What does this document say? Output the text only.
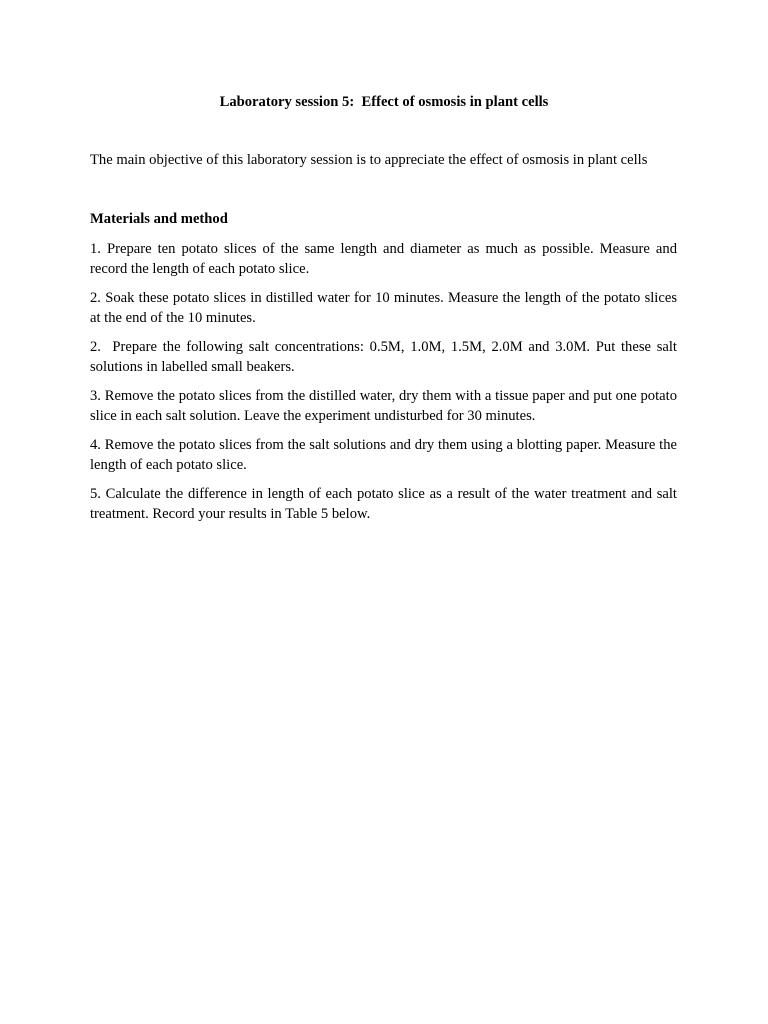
Laboratory session 5:  Effect of osmosis in plant cells

The main objective of this laboratory session is to appreciate the effect of osmosis in plant cells

Materials and method

1. Prepare ten potato slices of the same length and diameter as much as possible. Measure and record the length of each potato slice.
2. Soak these potato slices in distilled water for 10 minutes. Measure the length of the potato slices at the end of the 10 minutes.
2.  Prepare the following salt concentrations: 0.5M, 1.0M, 1.5M, 2.0M and 3.0M. Put these salt solutions in labelled small beakers.
3. Remove the potato slices from the distilled water, dry them with a tissue paper and put one potato slice in each salt solution. Leave the experiment undisturbed for 30 minutes.
4. Remove the potato slices from the salt solutions and dry them using a blotting paper. Measure the length of each potato slice.
5. Calculate the difference in length of each potato slice as a result of the water treatment and salt treatment. Record your results in Table 5 below.
